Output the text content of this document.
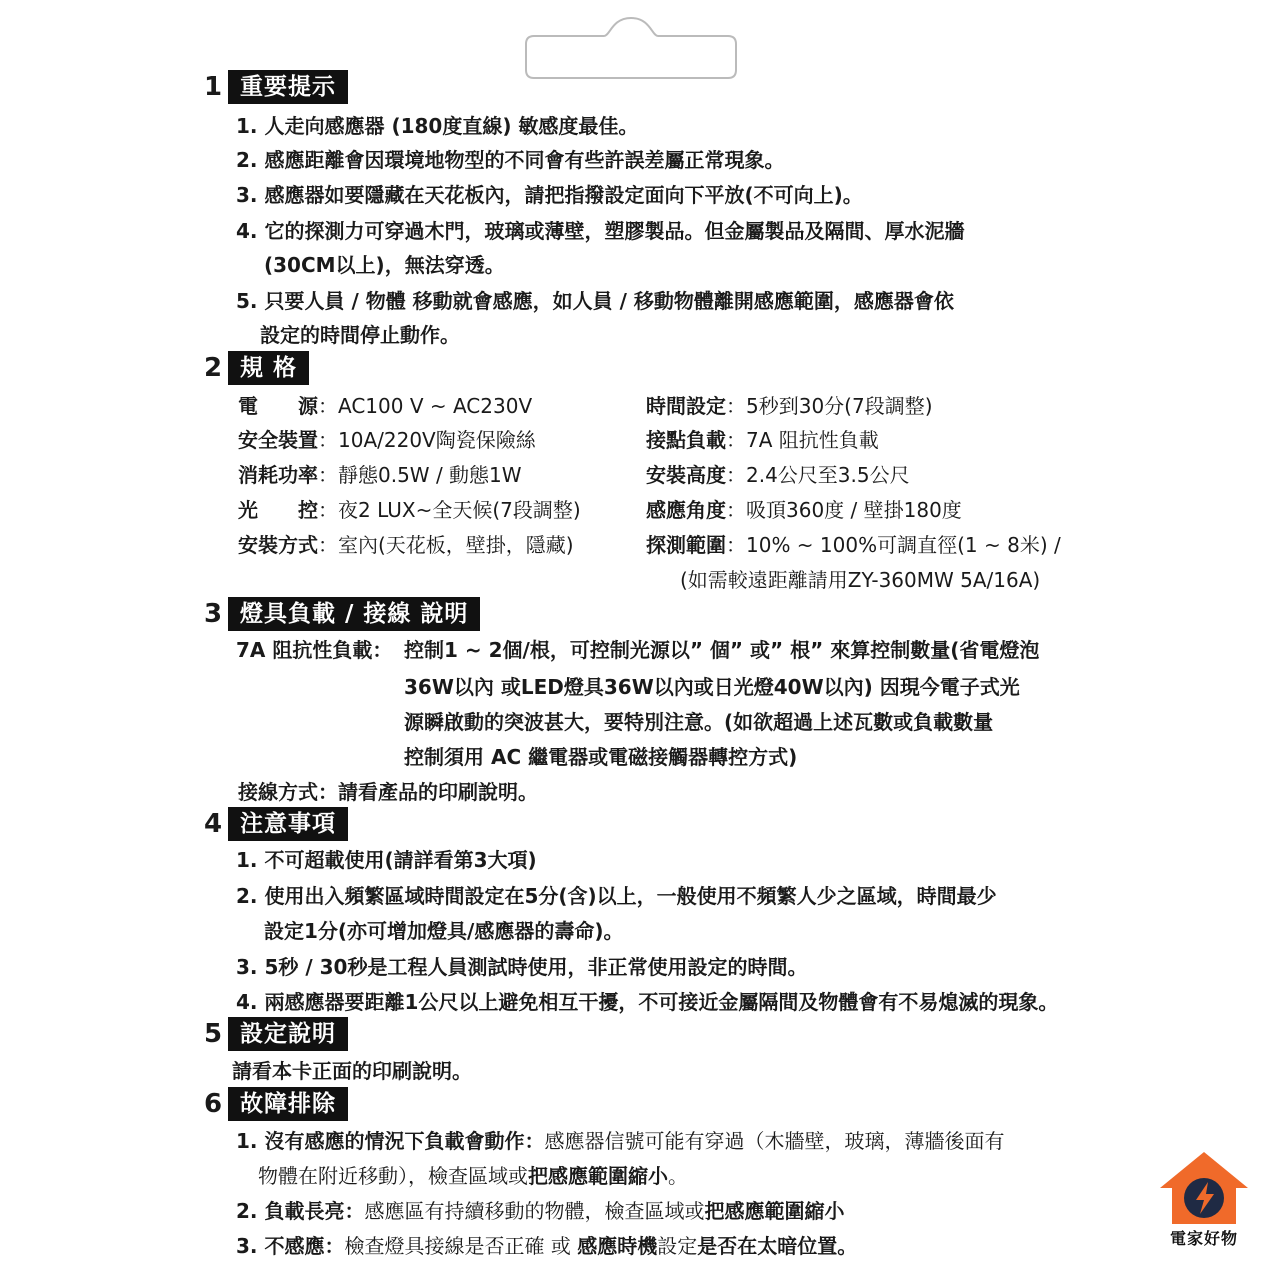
1 重要提示
1. 人走向感應器 (180度直線) 敏感度最佳。
2. 感應距離會因環境地物型的不同會有些許誤差屬正常現象。
3. 感應器如要隱藏在天花板內，請把指撥設定面向下平放(不可向上)。
4. 它的探測力可穿過木門，玻璃或薄壁，塑膠製品。但金屬製品及隔間、厚水泥牆
(30CM以上)，無法穿透。
5. 只要人員 / 物體 移動就會感應，如人員 / 移動物體離開感應範圍，感應器會依
設定的時間停止動作。
2 規 格
電　　源：AC100 V ~ AC230V
安全裝置：10A/220V陶瓷保險絲
消耗功率：靜態0.5W / 動態1W
光　　控：夜2 LUX~全天候(7段調整)
安裝方式：室內(天花板，壁掛，隱藏)
時間設定：5秒到30分(7段調整)
接點負載：7A 阻抗性負載
安裝高度：2.4公尺至3.5公尺
感應角度：吸頂360度 / 壁掛180度
探測範圍：10% ~ 100%可調直徑(1 ~ 8米) /
(如需較遠距離請用ZY-360MW 5A/16A)
3 燈具負載 / 接線 說明
7A 阻抗性負載： 控制1 ~ 2個/根，可控制光源以” 個” 或” 根” 來算控制數量(省電燈泡
36W以內 或LED燈具36W以內或日光燈40W以內) 因現今電子式光
源瞬啟動的突波甚大，要特別注意。(如欲超過上述瓦數或負載數量
控制須用 AC 繼電器或電磁接觸器轉控方式)
接線方式：請看產品的印刷說明。
4 注意事項
1. 不可超載使用(請詳看第3大項)
2. 使用出入頻繁區域時間設定在5分(含)以上，一般使用不頻繁人少之區域，時間最少
設定1分(亦可增加燈具/感應器的壽命)。
3. 5秒 / 30秒是工程人員測試時使用，非正常使用設定的時間。
4. 兩感應器要距離1公尺以上避免相互干擾，不可接近金屬隔間及物體會有不易熄滅的現象。
5 設定說明
請看本卡正面的印刷說明。
6 故障排除
1. 沒有感應的情況下負載會動作：感應器信號可能有穿過（木牆壁，玻璃，薄牆後面有
物體在附近移動），檢查區域或把感應範圍縮小。
2. 負載長亮：感應區有持續移動的物體，檢查區域或把感應範圍縮小
3. 不感應：檢查燈具接線是否正確 或 感應時機設定是否在太暗位置。	電家好物
